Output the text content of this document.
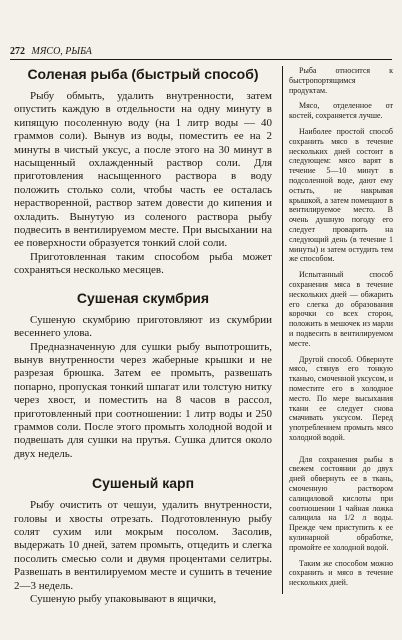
272 МЯСО, РЫБА
Соленая рыба (быстрый способ)

Рыбу обмыть, удалить внутренности, затем опустить каждую в отдельности на одну минуту в кипящую посоленную воду (на 1 литр воды — 40 граммов соли). Вынув из воды, поместить ее на 2 минуты в чистый уксус, а после этого на 30 минут в насыщенный охлажденный раствор соли. Для приготовления насыщенного раствора в воду положить столько соли, чтобы часть ее осталась нерастворенной, раствор затем довести до кипения и охладить. Вынутую из соленого раствора рыбу подвесить в вентилируемом месте. При высыхании на ее поверхности образуется тонкий слой соли.

Приготовленная таким способом рыба может сохраняться несколько месяцев.

Сушеная скумбрия

Сушеную скумбрию приготовляют из скумбрии весеннего улова.

Предназначенную для сушки рыбу выпотрошить, вынув внутренности через жаберные крышки и не разрезая брюшка. Затем ее промыть, развешать попарно, пропуская тонкий шпагат или толстую нитку через хвост, и поместить на 8 часов в рассол, приготовленный при соотношении: 1 литр воды и 250 граммов соли. После этого промыть холодной водой и подвешать для сушки на прутья. Сушка длится около двух недель.

Сушеный карп

Рыбу очистить от чешуи, удалить внутренности, головы и хвосты отрезать. Подготовленную рыбу солят сухим или мокрым посолом. Засолив, выдержать 10 дней, затем промыть, отцедить и слегка посолить смесью соли и двумя процентами селитры. Развешать в вентилируемом месте и сушить в течение 2—3 недель.

Сушеную рыбу упаковывают в ящички,

Рыба относится к быстропортящимся продуктам.

Мясо, отделенное от костей, сохраняется лучше.

Наиболее простой способ сохранить мясо в течение нескольких дней состоит в следующем: мясо варят в течение 5—10 минут в подсоленной воде, дают ему остыть, не накрывая крышкой, а затем помещают в вентилируемое место. В очень душную погоду его следует проварить на следующий день (в течение 1 минуты) и затем остудить тем же способом.

Испытанный способ сохранения мяса в течение нескольких дней — обжарить его слегка до образования корочки со всех сторон, положить в мешочек из марли и подвесить в вентилируемом месте.

Другой способ. Обвернуте мясо, стянув его тонкую тканью, смоченной уксусом, и поместите его в холодное место. По мере высыхания ткани ее следует снова смачивать уксусом. Перед употреблением промыть мясо холодной водой.

Для сохранения рыбы в свежем состоянии до двух дней обвернуть ее в ткань, смоченную раствором салициловой кислоты при соотношении 1 чайная ложка салицила на 1/2 л воды. Прежде чем приступить к ее кулинарной обработке, промойте ее холодной водой.

Таким же способом можно сохранить и мясо в течение нескольких дней.
